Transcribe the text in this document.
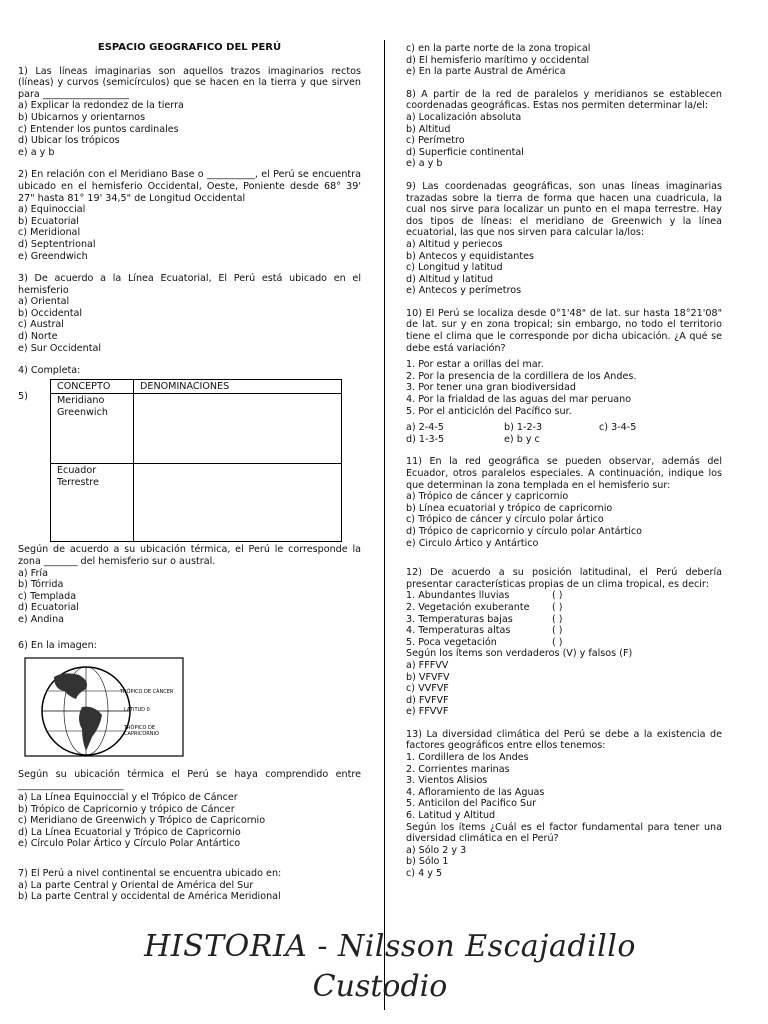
ESPACIO GEOGRAFICO DEL PERÚ

1) Las líneas imaginarias son aquellos trazos imaginarios rectos (líneas) y curvos (semicírculos) que se hacen en la tierra y que sirven para __________________

a) Explicar la redondez de la tierra
b) Ubicarnos y orientarnos
c) Entender los puntos cardinales
d) Ubicar los trópicos
e) a y b

2) En relación con el Meridiano Base o __________, el Perú se encuentra ubicado en el hemisferio Occidental, Oeste, Poniente desde 68° 39' 27" hasta 81° 19' 34,5" de Longitud Occidental

a) Equinoccial
b) Ecuatorial
c) Meridional
d) Septentrional
e) Greendwich

3) De acuerdo a la Línea Ecuatorial, El Perú está ubicado en el hemisferio

a) Oriental
b) Occidental
c) Austral
d) Norte
e) Sur Occidental

4) Completa:

5)
CONCEPTO	DENOMINACIONES
Meridiano
Greenwich	
Ecuador
Terrestre	

Según de acuerdo a su ubicación térmica, el Perú le corresponde la zona _______ del hemisferio sur o austral.

a) Fría
b) Tórrida
c) Templada
d) Ecuatorial
e) Andina

6) En la imagen:

TRÓPICO DE CÁNCER
LATITUD 0
TRÓPICO DE
CAPRICORNIO

Según su ubicación térmica el Perú se haya comprendido entre ______________________

a) La Línea Equinoccial y el Trópico de Cáncer
b) Trópico de Capricornio y trópico de Cáncer
c) Meridiano de Greenwich y Trópico de Capricornio
d) La Línea Ecuatorial y Trópico de Capricornio
e) Círculo Polar Ártico y Círculo Polar Antártico

7) El Perú a nivel continental se encuentra ubicado en:

a) La parte Central y Oriental de América del Sur
b) La parte Central y occidental de América Meridional
c) en la parte norte de la zona tropical
d) El hemisferio marítimo y occidental
e) En la parte Austral de América

8) A partir de la red de paralelos y meridianos se establecen coordenadas geográficas. Estas nos permiten determinar la/el:

a) Localización absoluta
b) Altitud
c) Perímetro
d) Superficie continental
e) a y b

9) Las coordenadas geográficas, son unas líneas imaginarias trazadas sobre la tierra de forma que hacen una cuadricula, la cual nos sirve para localizar un punto en el mapa terrestre. Hay dos tipos de líneas: el meridiano de Greenwich y la línea ecuatorial, las que nos sirven para calcular la/los:

a) Altitud y periecos
b) Antecos y equidistantes
c) Longitud y latitud
d) Altitud y latitud
e) Antecos y perímetros

10) El Perú se localiza desde 0°1'48" de lat. sur hasta 18°21'08" de lat. sur y en zona tropical; sin embargo, no todo el territorio tiene el clima que le corresponde por dicha ubicación. ¿A qué se debe está variación?

1. Por estar a orillas del mar.
2. Por la presencia de la cordillera de los Andes.
3. Por tener una gran biodiversidad
4. Por la frialdad de las aguas del mar peruano
5. Por el anticiclón del Pacífico sur.
a) 2-4-5	b) 1-2-3	c) 3-4-5
d) 1-3-5	e) b y c

11) En la red geográfica se pueden observar, además del Ecuador, otros paralelos especiales. A continuación, indique los que determinan la zona templada en el hemisferio sur:

a) Trópico de cáncer y capricornio
b) Línea ecuatorial y trópico de capricornio
c) Trópico de cáncer y círculo polar ártico
d) Trópico de capricornio y círculo polar Antártico
e) Circulo Ártico y Antártico

12) De acuerdo a su posición latitudinal, el Perú debería presentar características propias de un clima tropical, es decir:

1. Abundantes lluvias	( )
2. Vegetación exuberante ( )
3. Temperaturas bajas	( )
4. Temperaturas altas	( )
5. Poca vegetación	( )

Según los ítems son verdaderos (V) y falsos (F)

a) FFFVV
b) VFVFV
c) VVFVF
d) FVFVF
e) FFVVF

13) La diversidad climática del Perú se debe a la existencia de factores geográficos entre ellos tenemos:

1. Cordillera de los Andes
2. Corrientes marinas
3. Vientos Alisios
4. Afloramiento de las Aguas
5. Anticilon del Pacifico Sur
6. Latitud y Altitud

Según los ítems ¿Cuál es el factor fundamental para tener una diversidad climática en el Perú?

a) Sólo 2 y 3
b) Sólo 1
c) 4 y 5
HISTORIA - Nilsson Escajadillo
Custodio
